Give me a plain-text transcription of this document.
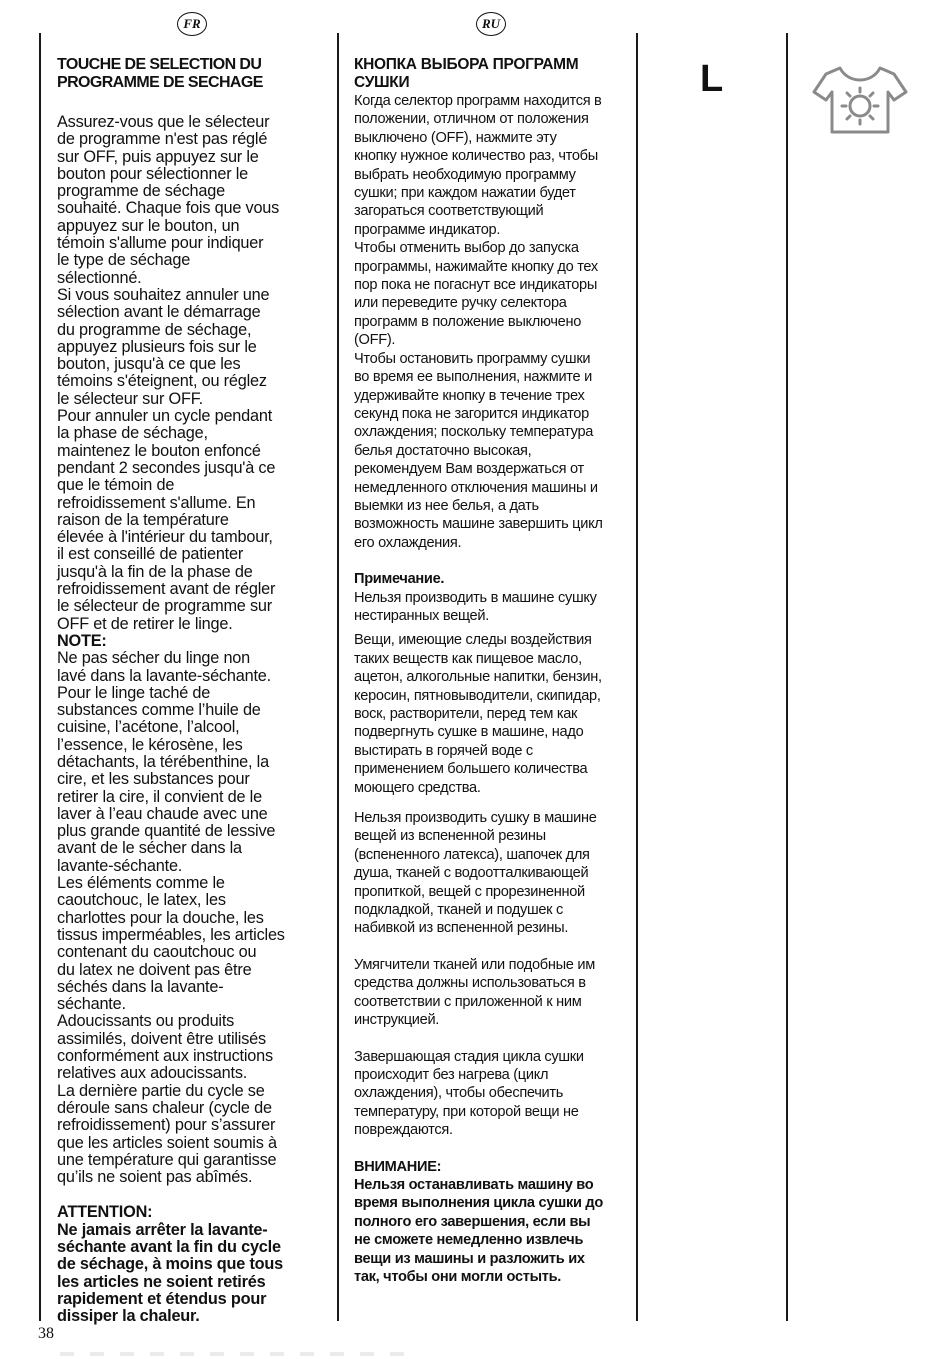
FR	RU
TOUCHE DE SELECTION DU
PROGRAMME DE SECHAGE
Assurez-vous que le sélecteur
de programme n'est pas réglé
sur OFF, puis appuyez sur le
bouton pour sélectionner le
programme de séchage
souhaité. Chaque fois que vous
appuyez sur le bouton, un
témoin s'allume pour indiquer
le type de séchage
sélectionné.
Si vous souhaitez annuler une
sélection avant le démarrage
du programme de séchage,
appuyez plusieurs fois sur le
bouton, jusqu'à ce que les
témoins s'éteignent, ou réglez
le sélecteur sur OFF.
Pour annuler un cycle pendant
la phase de séchage,
maintenez le bouton enfoncé
pendant 2 secondes jusqu'à ce
que le témoin de
refroidissement s'allume. En
raison de la température
élevée à l'intérieur du tambour,
il est conseillé de patienter
jusqu'à la fin de la phase de
refroidissement avant de régler
le sélecteur de programme sur
OFF et de retirer le linge.

NOTE:

Ne pas sécher du linge non
lavé dans la lavante-séchante.
Pour le linge taché de
substances comme l’huile de
cuisine, l’acétone, l’alcool,
l’essence, le kérosène, les
détachants, la térébenthine, la
cire, et les substances pour
retirer la cire, il convient de le
laver à l’eau chaude avec une
plus grande quantité de lessive
avant de le sécher dans la
lavante-séchante.
Les éléments comme le
caoutchouc, le latex, les
charlottes pour la douche, les
tissus imperméables, les articles
contenant du caoutchouc ou
du latex ne doivent pas être
séchés dans la lavante-
séchante.
Adoucissants ou produits
assimilés, doivent être utilisés
conformément aux instructions
relatives aux adoucissants.
La dernière partie du cycle se
déroule sans chaleur (cycle de
refroidissement) pour s’assurer
que les articles soient soumis à
une température qui garantisse
qu’ils ne soient pas abîmés.

ATTENTION:

Ne jamais arrêter la lavante-
séchante avant la fin du cycle
de séchage, à moins que tous
les articles ne soient retirés
rapidement et étendus pour
dissiper la chaleur.
КНОПКА ВЫБОРА ПРОГРАММ
СУШКИ
Когда селектор программ находится в
положении, отличном от положения
выключено (OFF), нажмите эту
кнопку нужное количество раз, чтобы
выбрать необходимую программу
сушки; при каждом нажатии будет
загораться соответствующий
программе индикатор.
Чтобы отменить выбор до запуска
программы, нажимайте кнопку до тех
пор пока не погаснут все индикаторы
или переведите ручку селектора
программ в положение выключено
(OFF).
Чтобы остановить программу сушки
во время ее выполнения, нажмите и
удерживайте кнопку в течение трех
секунд пока не загорится индикатор
охлаждения; поскольку температура
белья достаточно высокая,
рекомендуем Вам воздержаться от
немедленного отключения машины и
выемки из нее белья, а дать
возможность машине завершить цикл
его охлаждения.

Примечание.

Нельзя производить в машине сушку
нестиранных вещей.
Вещи, имеющие следы воздействия
таких веществ как пищевое масло,
ацетон, алкогольные напитки, бензин,
керосин, пятновыводители, скипидар,
воск, растворители, перед тем как
подвергнуть сушке в машине, надо
выстирать в горячей воде с
применением большего количества
моющего средства.
Нельзя производить сушку в машине
вещей из вспененной резины
(вспененного латекса), шапочек для
душа, тканей с водоотталкивающей
пропиткой, вещей с прорезиненной
подкладкой, тканей и подушек с
набивкой из вспененной резины.
Умягчители тканей или подобные им
средства должны использоваться в
соответствии с приложенной к ним
инструкцией.
Завершающая стадия цикла сушки
происходит без нагрева (цикл
охлаждения), чтобы обеспечить
температуру, при которой вещи не
повреждаются.

ВНИМАНИЕ:

Нельзя останавливать машину во
время выполнения цикла сушки до
полного его завершения, если вы
не сможете немедленно извлечь
вещи из машины и разложить их
так, чтобы они могли остыть.
L
38
